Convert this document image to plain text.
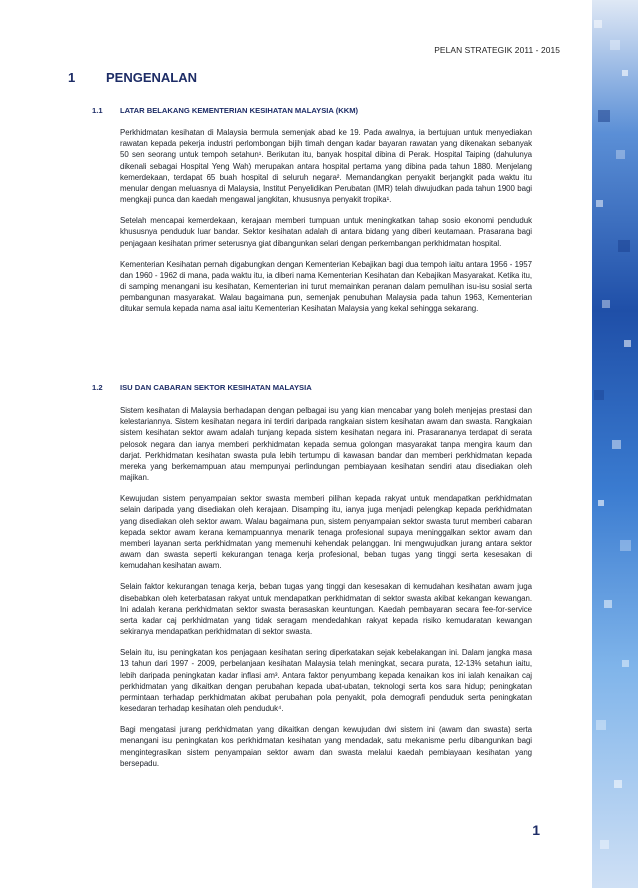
PELAN STRATEGIK 2011 - 2015
1 PENGENALAN
1.1 LATAR BELAKANG KEMENTERIAN KESIHATAN MALAYSIA (KKM)

Perkhidmatan kesihatan di Malaysia bermula semenjak abad ke 19. Pada awalnya, ia bertujuan untuk menyediakan rawatan kepada pekerja industri perlombongan bijih timah dengan kadar bayaran rawatan yang dikenakan sebanyak 50 sen seorang untuk tempoh setahun¹. Berikutan itu, banyak hospital dibina di Perak. Hospital Taiping (dahulunya dikenali sebagai Hospital Yeng Wah) merupakan antara hospital pertama yang dibina pada tahun 1880. Menjelang kemerdekaan, terdapat 65 buah hospital di seluruh negara². Memandangkan penyakit berjangkit pada waktu itu menular dengan meluasnya di Malaysia, Institut Penyelidikan Perubatan (IMR) telah diwujudkan pada tahun 1900 bagi mengkaji punca dan kaedah mengawal jangkitan, khususnya penyakit tropika¹.

Setelah mencapai kemerdekaan, kerajaan memberi tumpuan untuk meningkatkan tahap sosio ekonomi penduduk khususnya penduduk luar bandar. Sektor kesihatan adalah di antara bidang yang diberi keutamaan. Prasarana bagi penjagaan kesihatan primer seterusnya giat dibangunkan selari dengan perkembangan perkhidmatan hospital.

Kementerian Kesihatan pernah digabungkan dengan Kementerian Kebajikan bagi dua tempoh iaitu antara 1956 - 1957 dan 1960 - 1962 di mana, pada waktu itu, ia diberi nama Kementerian Kesihatan dan Kebajikan Masyarakat. Ketika itu, di samping menangani isu kesihatan, Kementerian ini turut memainkan peranan dalam pemulihan isu-isu sosial serta pembangunan masyarakat. Walau bagaimana pun, semenjak penubuhan Malaysia pada tahun 1963, Kementerian ditukar semula kepada nama asal iaitu Kementerian Kesihatan Malaysia yang kekal sehingga sekarang.

1.2 ISU DAN CABARAN SEKTOR KESIHATAN MALAYSIA

Sistem kesihatan di Malaysia berhadapan dengan pelbagai isu yang kian mencabar yang boleh menjejas prestasi dan kelestariannya. Sistem kesihatan negara ini terdiri daripada rangkaian sistem kesihatan awam dan swasta. Rangkaian sistem kesihatan sektor awam adalah tunjang kepada sistem kesihatan negara ini. Prasarananya terdapat di serata pelosok negara dan ianya memberi perkhidmatan kepada semua golongan masyarakat tanpa mengira kaum dan darjat. Perkhidmatan kesihatan swasta pula lebih tertumpu di kawasan bandar dan memberi perkhidmatan kepada mereka yang berkemampuan atau mempunyai perlindungan pembiayaan kesihatan sendiri atau disediakan oleh majikan.

Kewujudan sistem penyampaian sektor swasta memberi pilihan kepada rakyat untuk mendapatkan perkhidmatan selain daripada yang disediakan oleh kerajaan. Disamping itu, ianya juga menjadi pelengkap kepada perkhidmatan yang disediakan oleh sektor awam. Walau bagaimana pun, sistem penyampaian sektor swasta turut memberi cabaran kepada sektor awam kerana kemampuannya menarik tenaga profesional supaya meninggalkan sektor awam dan memberi layanan serta perkhidmatan yang memenuhi kehendak pelanggan. Ini mengwujudkan jurang antara sektor awam dan swasta seperti kekurangan tenaga kerja profesional, beban tugas yang tinggi serta kesesakan di kemudahan kesihatan awam.

Selain faktor kekurangan tenaga kerja, beban tugas yang tinggi dan kesesakan di kemudahan kesihatan awam juga disebabkan oleh keterbatasan rakyat untuk mendapatkan perkhidmatan di sektor swasta akibat kekangan kewangan. Ini adalah kerana perkhidmatan sektor swasta berasaskan keuntungan. Kaedah pembayaran secara fee-for-service serta kadar caj perkhidmatan yang tidak seragam mendedahkan rakyat kepada risiko kemudaratan kewangan sekiranya mendapatkan perkhidmatan di sektor swasta.

Selain itu, isu peningkatan kos penjagaan kesihatan sering diperkatakan sejak kebelakangan ini. Dalam jangka masa 13 tahun dari 1997 - 2009, perbelanjaan kesihatan Malaysia telah meningkat, secara purata, 12-13% setahun iaitu, lebih daripada peningkatan kadar inflasi am³. Antara faktor penyumbang kepada kenaikan kos ini ialah kenaikan caj perkhidmatan yang dikaitkan dengan perubahan kepada ubat-ubatan, teknologi serta kos sara hidup; peningkatan permintaan terhadap perkhidmatan akibat perubahan pola penyakit, pola demografi penduduk serta peningkatan kesedaran terhadap kesihatan oleh penduduk⁴.

Bagi mengatasi jurang perkhidmatan yang dikaitkan dengan kewujudan dwi sistem ini (awam dan swasta) serta menangani isu peningkatan kos perkhidmatan kesihatan yang mendadak, satu mekanisme perlu dibangunkan bagi mengintegrasikan sistem penyampaian sektor awam dan swasta melalui kaedah pembiayaan kesihatan yang bersepadu.

1
